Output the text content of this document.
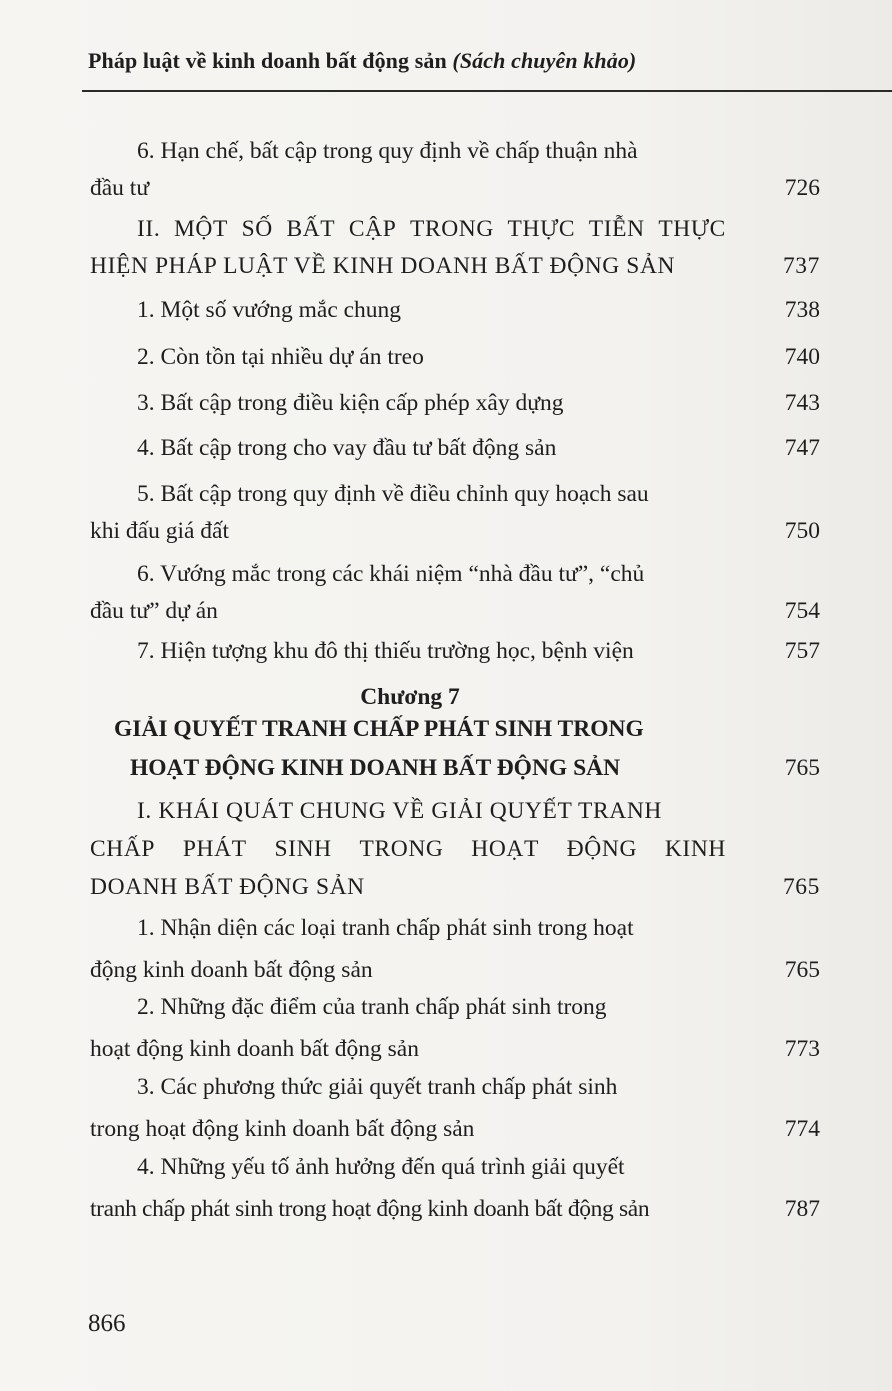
Pháp luật về kinh doanh bất động sản (Sách chuyên khảo)
6. Hạn chế, bất cập trong quy định về chấp thuận nhà
đầu tư	726
II. MỘT SỐ BẤT CẬP TRONG THỰC TIỄN THỰC
HIỆN PHÁP LUẬT VỀ KINH DOANH BẤT ĐỘNG SẢN	737
1. Một số vướng mắc chung	738
2. Còn tồn tại nhiều dự án treo	740
3. Bất cập trong điều kiện cấp phép xây dựng	743
4. Bất cập trong cho vay đầu tư bất động sản	747
5. Bất cập trong quy định về điều chỉnh quy hoạch sau
khi đấu giá đất	750
6. Vướng mắc trong các khái niệm “nhà đầu tư”, “chủ
đầu tư” dự án	754
7. Hiện tượng khu đô thị thiếu trường học, bệnh viện	757
Chương 7
GIẢI QUYẾT TRANH CHẤP PHÁT SINH TRONG
HOẠT ĐỘNG KINH DOANH BẤT ĐỘNG SẢN	765
I. KHÁI QUÁT CHUNG VỀ GIẢI QUYẾT TRANH
CHẤP PHÁT SINH TRONG HOẠT ĐỘNG KINH
DOANH BẤT ĐỘNG SẢN	765
1. Nhận diện các loại tranh chấp phát sinh trong hoạt
động kinh doanh bất động sản	765
2. Những đặc điểm của tranh chấp phát sinh trong
hoạt động kinh doanh bất động sản	773
3. Các phương thức giải quyết tranh chấp phát sinh
trong hoạt động kinh doanh bất động sản	774
4. Những yếu tố ảnh hưởng đến quá trình giải quyết
tranh chấp phát sinh trong hoạt động kinh doanh bất động sản	787
866
